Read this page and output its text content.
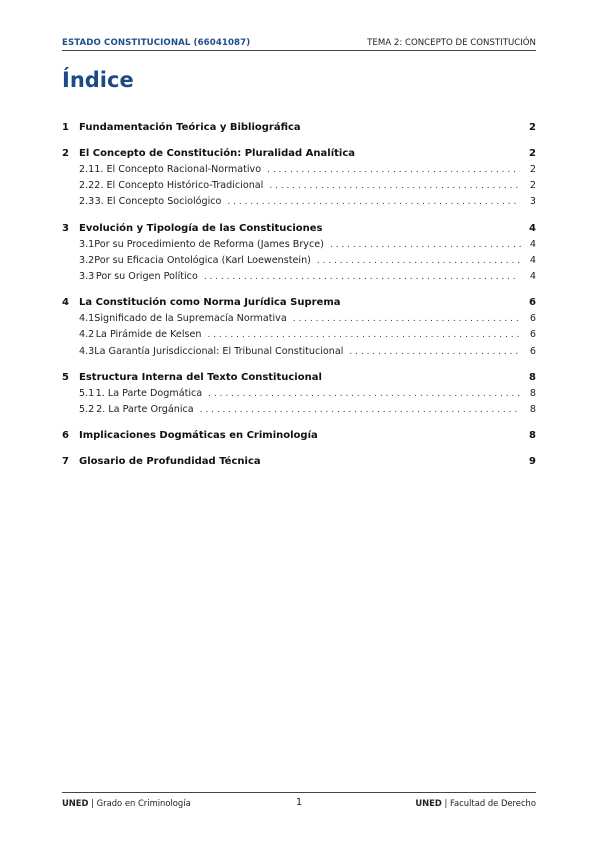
ESTADO CONSTITUCIONAL (66041087)	TEMA 2: CONCEPTO DE CONSTITUCIÓN
Índice
1	Fundamentación Teórica y Bibliográfica	2
2	El Concepto de Constitución: Pluralidad Analítica	2
2.1 1. El Concepto Racional-Normativo . . .	2
2.2 2. El Concepto Histórico-Tradicional . . .	2
2.3 3. El Concepto Sociológico . . .	3
3	Evolución y Tipología de las Constituciones	4
3.1 Por su Procedimiento de Reforma (James Bryce) . . .	4
3.2 Por su Eficacia Ontológica (Karl Loewenstein) . . .	4
3.3 Por su Origen Político . . .	4
4	La Constitución como Norma Jurídica Suprema	6
4.1 Significado de la Supremacía Normativa . . .	6
4.2 La Pirámide de Kelsen . . .	6
4.3 La Garantía Jurisdiccional: El Tribunal Constitucional . . .	6
5	Estructura Interna del Texto Constitucional	8
5.1 1. La Parte Dogmática . . .	8
5.2 2. La Parte Orgánica . . .	8
6	Implicaciones Dogmáticas en Criminología	8
7	Glosario de Profundidad Técnica	9
UNED | Grado en Criminología	1	UNED | Facultad de Derecho
